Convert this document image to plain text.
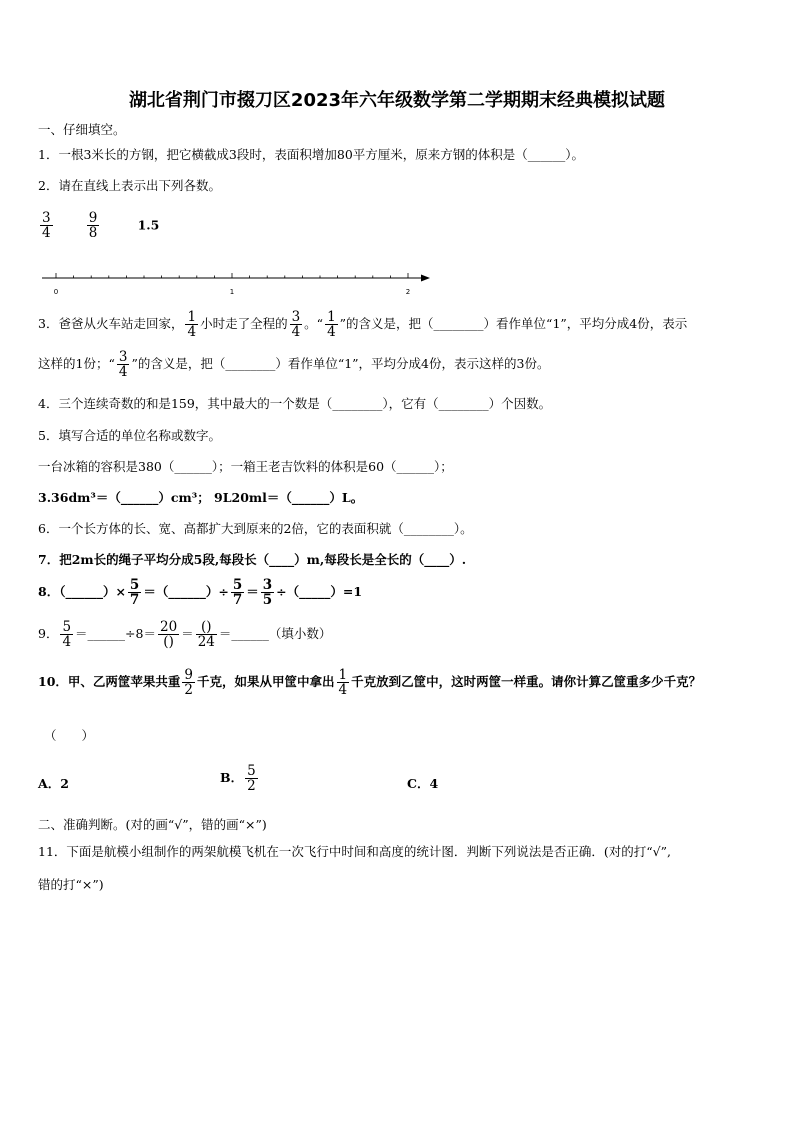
湖北省荆门市掇刀区2023年六年级数学第二学期期末经典模拟试题
一、仔细填空。
1．一根3米长的方钢，把它横截成3段时，表面积增加80平方厘米，原来方钢的体积是（______）。
2．请在直线上表示出下列各数。
$\frac{3}{4}$
	$\frac{9}{8}$	1.5
0	1	2
3．爸爸从火车站走回家， $\frac{1}{4}$ 小时走了全程的 $\frac{3}{4}$ 。“ $\frac{1}{4}$ ”的含义是，把（________）看作单位“1”，平均分成4份，表示
这样的1份；“ $\frac{3}{4}$ ”的含义是，把（________）看作单位“1”，平均分成4份，表示这样的3份。
4．三个连续奇数的和是159，其中最大的一个数是（________），它有（________）个因数。
5．填写合适的单位名称或数字。
一台冰箱的容积是380（______）；一箱王老吉饮料的体积是60（______）；
3.36dm³＝（______）cm³； 9L20ml＝（______）L。
6．一个长方体的长、宽、高都扩大到原来的2倍，它的表面积就（________）。
7．把2m长的绳子平均分成5段,每段长（____）m,每段长是全长的（____）.
8．（______）× $\frac{5}{7}$ ＝（______）÷ $\frac{5}{7} = \frac{3}{5}$ ÷（_____）=1
9． $\frac{5}{4}$ ＝______÷8＝ $\frac{20}{()} = \frac{()}{24}$ ＝______（填小数）
10．甲、乙两筐苹果共重 $\frac{9}{2}$ 千克，如果从甲筐中拿出 $\frac{1}{4}$ 千克放到乙筐中，这时两筐一样重。请你计算乙筐重多少千克？
（　　）
A．2	B． $\frac{5}{2}$	C．4
二、准确判断。(对的画“√”，错的画“×”)
11．下面是航模小组制作的两架航模飞机在一次飞行中时间和高度的统计图．判断下列说法是否正确．(对的打“√”,
错的打“×”)
